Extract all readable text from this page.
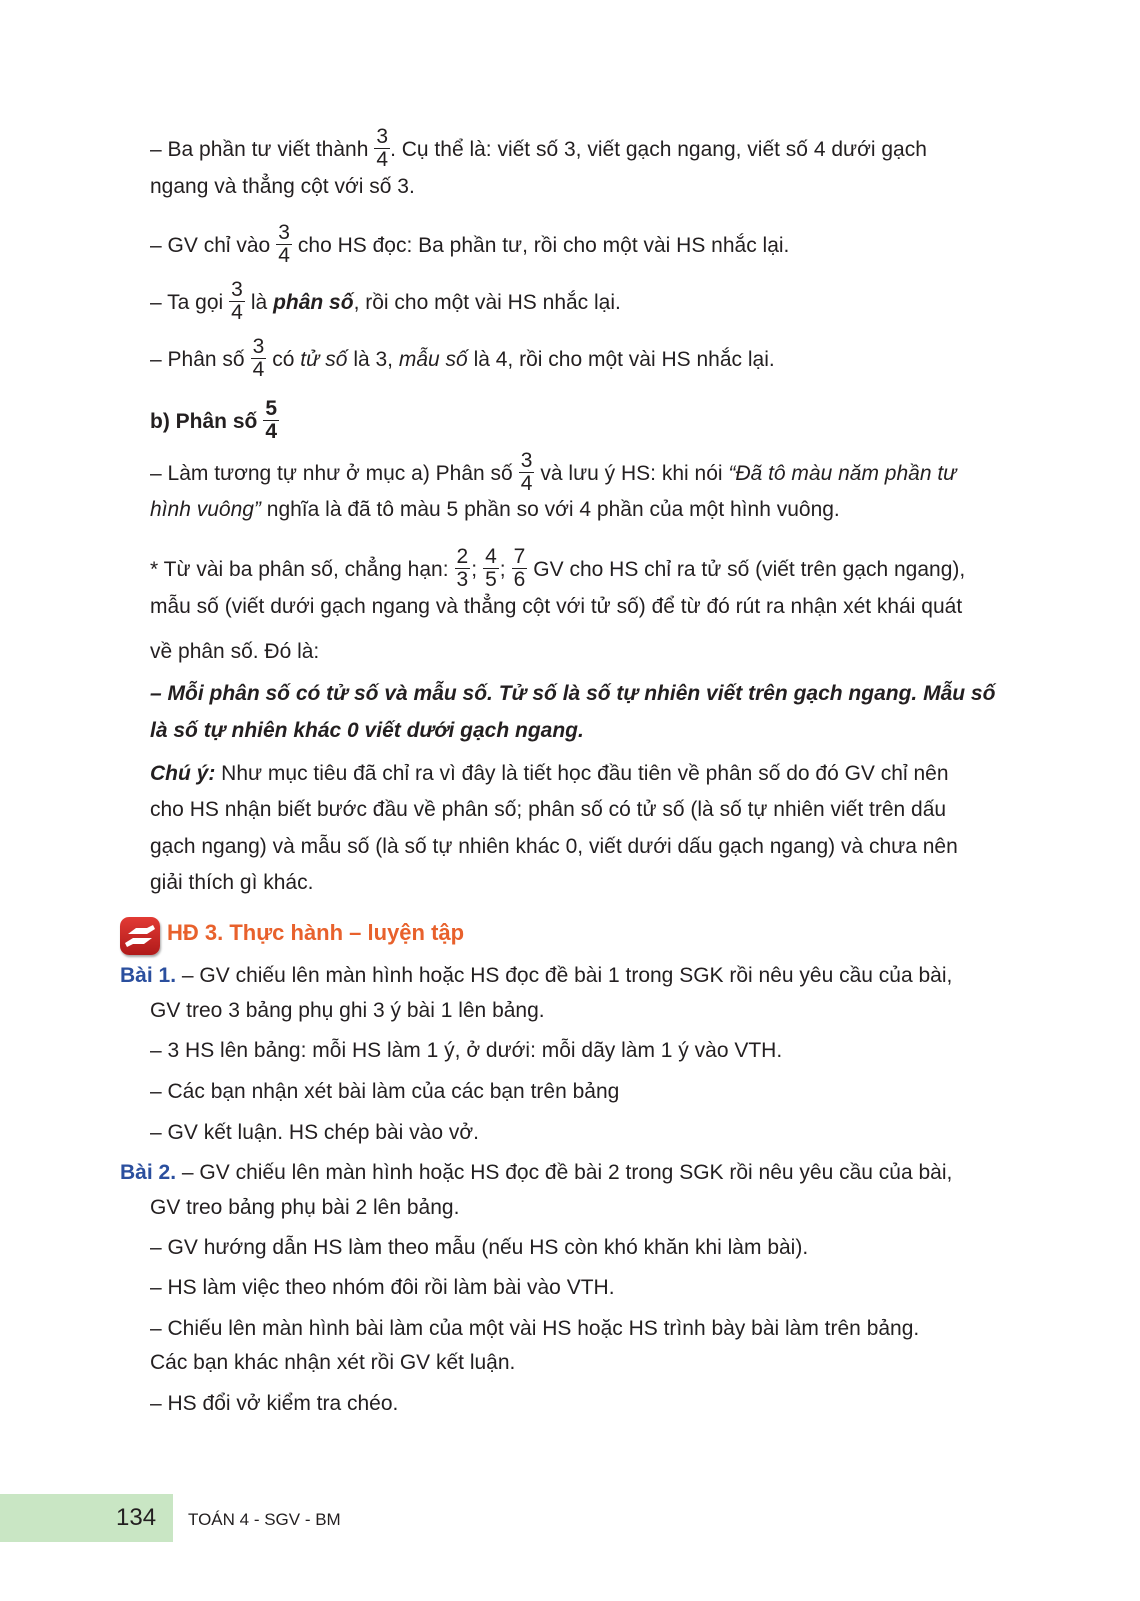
– Ba phần tư viết thành $\frac{3}{4}$ . Cụ thể là: viết số 3, viết gạch ngang, viết số 4 dưới gạch
ngang và thẳng cột với số 3.
– GV chỉ vào $\frac{3}{4}$ cho HS đọc: Ba phần tư, rồi cho một vài HS nhắc lại.
– Ta gọi $\frac{3}{4}$ là phân số, rồi cho một vài HS nhắc lại.
– Phân số $\frac{3}{4}$ có tử số là 3, mẫu số là 4, rồi cho một vài HS nhắc lại.
b) Phân số $\frac{5}{4}$
– Làm tương tự như ở mục a) Phân số $\frac{3}{4}$ và lưu ý HS: khi nói “Đã tô màu năm phần tư
hình vuông” nghĩa là đã tô màu 5 phần so với 4 phần của một hình vuông.
* Từ vài ba phân số, chẳng hạn: $\frac{2}{3}$ ; $\frac{4}{5}$ ; $\frac{7}{6}$ GV cho HS chỉ ra tử số (viết trên gạch ngang),
mẫu số (viết dưới gạch ngang và thẳng cột với tử số) để từ đó rút ra nhận xét khái quát
về phân số. Đó là:
– Mỗi phân số có tử số và mẫu số. Tử số là số tự nhiên viết trên gạch ngang. Mẫu số
là số tự nhiên khác 0 viết dưới gạch ngang.
Chú ý: Như mục tiêu đã chỉ ra vì đây là tiết học đầu tiên về phân số do đó GV chỉ nên
cho HS nhận biết bước đầu về phân số; phân số có tử số (là số tự nhiên viết trên dấu
gạch ngang) và mẫu số (là số tự nhiên khác 0, viết dưới dấu gạch ngang) và chưa nên
giải thích gì khác.
HĐ 3. Thực hành – luyện tập
Bài 1. – GV chiếu lên màn hình hoặc HS đọc đề bài 1 trong SGK rồi nêu yêu cầu của bài,
GV treo 3 bảng phụ ghi 3 ý bài 1 lên bảng.
– 3 HS lên bảng: mỗi HS làm 1 ý, ở dưới: mỗi dãy làm 1 ý vào VTH.
– Các bạn nhận xét bài làm của các bạn trên bảng
– GV kết luận. HS chép bài vào vở.
Bài 2. – GV chiếu lên màn hình hoặc HS đọc đề bài 2 trong SGK rồi nêu yêu cầu của bài,
GV treo bảng phụ bài 2 lên bảng.
– GV hướng dẫn HS làm theo mẫu (nếu HS còn khó khăn khi làm bài).
– HS làm việc theo nhóm đôi rồi làm bài vào VTH.
– Chiếu lên màn hình bài làm của một vài HS hoặc HS trình bày bài làm trên bảng.
Các bạn khác nhận xét rồi GV kết luận.
– HS đổi vở kiểm tra chéo.
134 TOÁN 4 - SGV - BM
